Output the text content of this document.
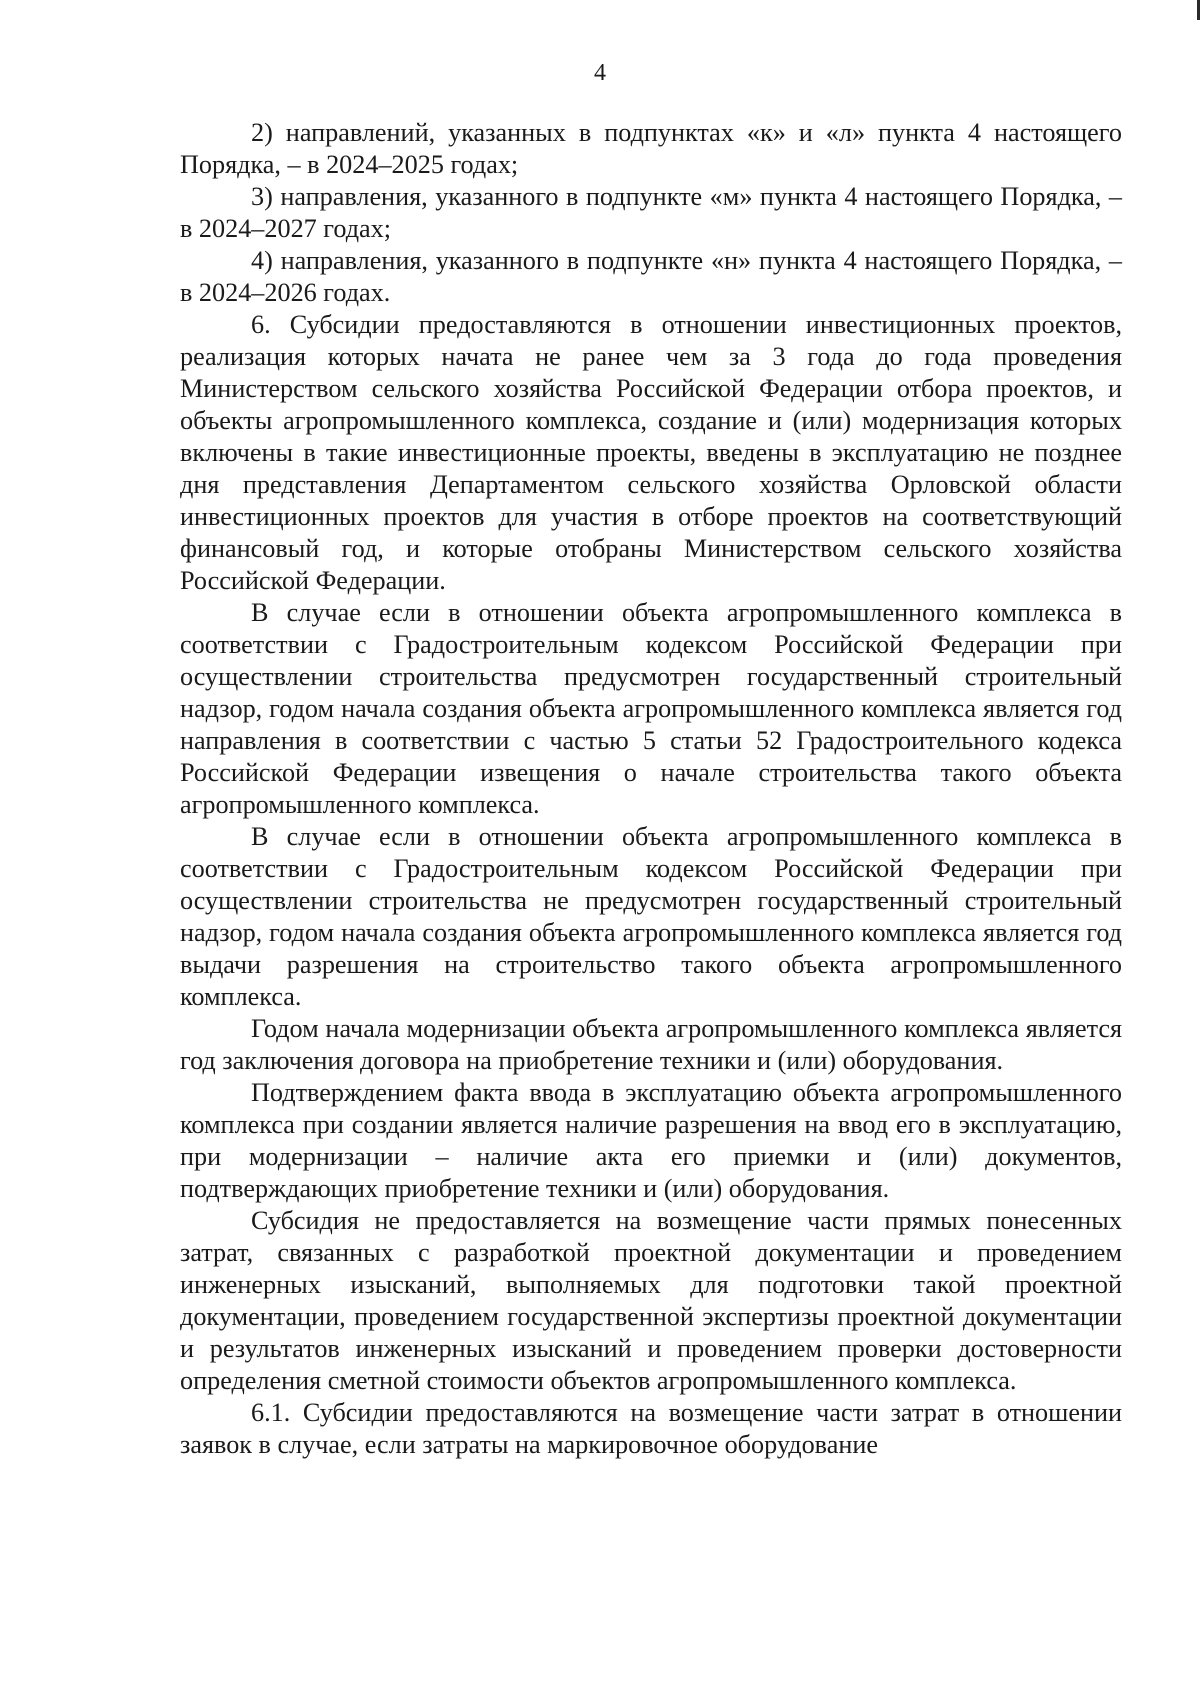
4

2) направлений, указанных в подпунктах «к» и «л» пункта 4 настоящего Порядка, – в 2024–2025 годах;

3) направления, указанного в подпункте «м» пункта 4 настоящего Порядка, – в 2024–2027 годах;

4) направления, указанного в подпункте «н» пункта 4 настоящего Порядка, – в 2024–2026 годах.

6. Субсидии предоставляются в отношении инвестиционных проектов, реализация которых начата не ранее чем за 3 года до года проведения Министерством сельского хозяйства Российской Федерации отбора проектов, и объекты агропромышленного комплекса, создание и (или) модернизация которых включены в такие инвестиционные проекты, введены в эксплуатацию не позднее дня представления Департаментом сельского хозяйства Орловской области инвестиционных проектов для участия в отборе проектов на соответствующий финансовый год, и которые отобраны Министерством сельского хозяйства Российской Федерации.

В случае если в отношении объекта агропромышленного комплекса в соответствии с Градостроительным кодексом Российской Федерации при осуществлении строительства предусмотрен государственный строительный надзор, годом начала создания объекта агропромышленного комплекса является год направления в соответствии с частью 5 статьи 52 Градостроительного кодекса Российской Федерации извещения о начале строительства такого объекта агропромышленного комплекса.

В случае если в отношении объекта агропромышленного комплекса в соответствии с Градостроительным кодексом Российской Федерации при осуществлении строительства не предусмотрен государственный строительный надзор, годом начала создания объекта агропромышленного комплекса является год выдачи разрешения на строительство такого объекта агропромышленного комплекса.

Годом начала модернизации объекта агропромышленного комплекса является год заключения договора на приобретение техники и (или) оборудования.

Подтверждением факта ввода в эксплуатацию объекта агропромышленного комплекса при создании является наличие разрешения на ввод его в эксплуатацию, при модернизации – наличие акта его приемки и (или) документов, подтверждающих приобретение техники и (или) оборудования.

Субсидия не предоставляется на возмещение части прямых понесенных затрат, связанных с разработкой проектной документации и проведением инженерных изысканий, выполняемых для подготовки такой проектной документации, проведением государственной экспертизы проектной документации и результатов инженерных изысканий и проведением проверки достоверности определения сметной стоимости объектов агропромышленного комплекса.

6.1. Субсидии предоставляются на возмещение части затрат в отношении заявок в случае, если затраты на маркировочное оборудование
